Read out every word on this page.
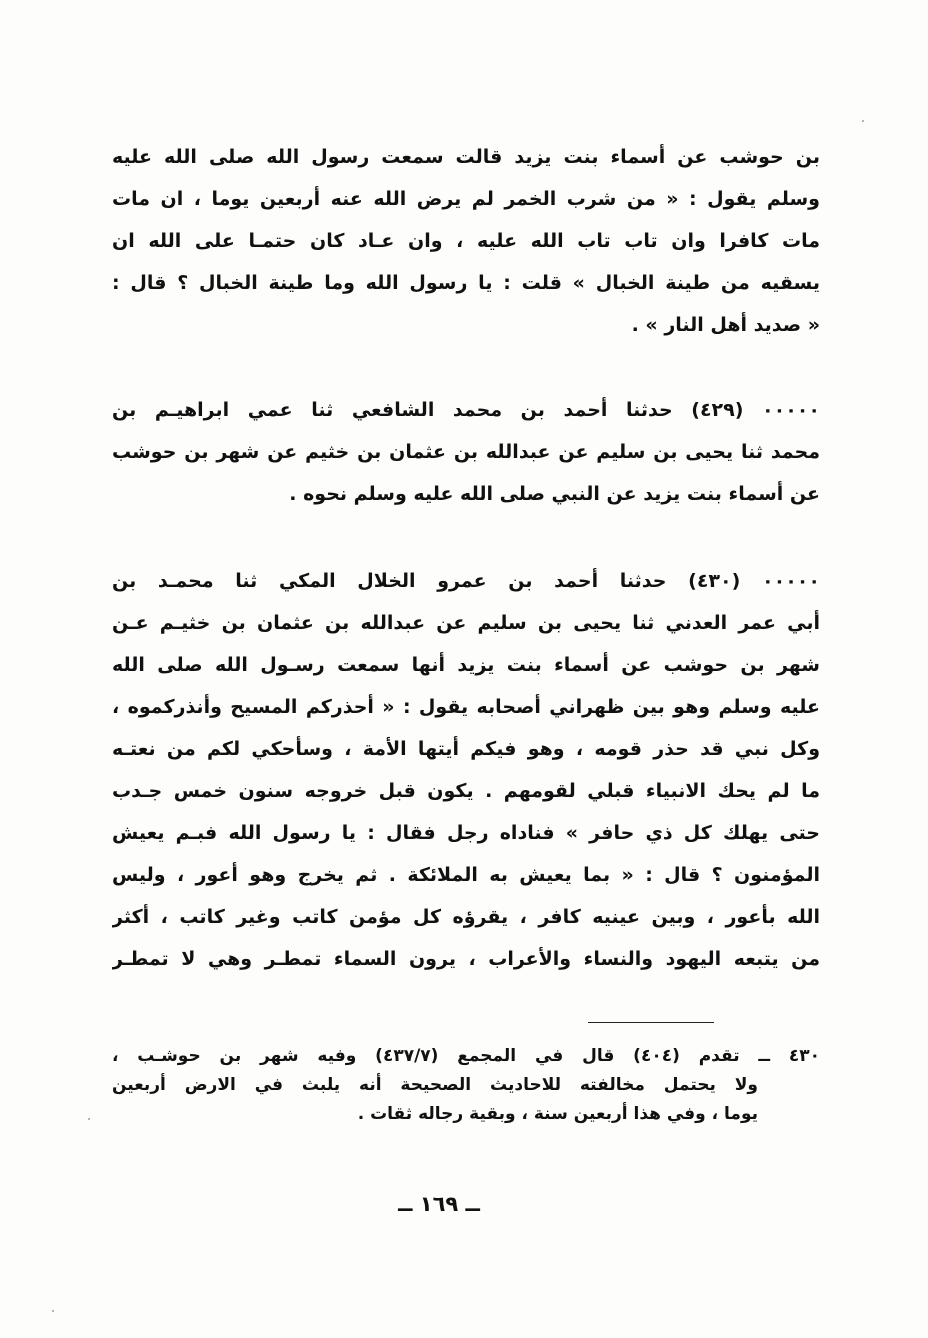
بن حوشب عن أسماء بنت يزيد قالت سمعت رسول الله صلى الله عليه
وسلم يقول : « من شرب الخمر لم يرض الله عنه أربعين يوما ، ان مات
مات كافرا وان تاب تاب الله عليه ، وان عـاد كان حتمـا على الله ان
يسقيه من طينة الخبال » قلت : يا رسول الله وما طينة الخبال ؟ قال :
« صديد أهل النار » .
٠٠٠٠٠ (٤٢٩) حدثنا أحمد بن محمد الشافعي ثنا عمي ابراهيـم بن
محمد ثنا يحيى بن سليم عن عبدالله بن عثمان بن خثيم عن شهر بن حوشب
عن أسماء بنت يزيد عن النبي صلى الله عليه وسلم نحوه .
٠٠٠٠٠ (٤٣٠) حدثنا أحمد بن عمرو الخلال المكي ثنا محمـد بن
أبي عمر العدني ثنا يحيى بن سليم عن عبدالله بن عثمان بن خثيـم عـن
شهر بن حوشب عن أسماء بنت يزيد أنها سمعت رسـول الله صلى الله
عليه وسلم وهو بين ظهراني أصحابه يقول : « أحذركم المسيح وأنذركموه ،
وكل نبي قد حذر قومه ، وهو فيكم أيتها الأمة ، وسأحكي لكم من نعتـه
ما لم يحك الانبياء قبلي لقومهم . يكون قبل خروجه سنون خمس جـدب
حتى يهلك كل ذي حافر » فناداه رجل فقال : يا رسول الله فبـم يعيش
المؤمنون ؟ قال : « بما يعيش به الملائكة . ثم يخرج وهو أعور ، وليس
الله بأعور ، وبين عينيه كافر ، يقرؤه كل مؤمن كاتب وغير كاتب ، أكثر
من يتبعه اليهود والنساء والأعراب ، يرون السماء تمطـر وهي لا تمطـر
٤٣٠ ــ تقدم (٤٠٤) قال في المجمع (٤٣٧/٧) وفيه شهر بن حوشـب ،
ولا يحتمل مخالفته للاحاديث الصحيحة أنه يلبث في الارض أربعين
يوما ، وفي هذا أربعين سنة ، وبقية رجاله ثقات .
ــ ١٦٩ ــ
